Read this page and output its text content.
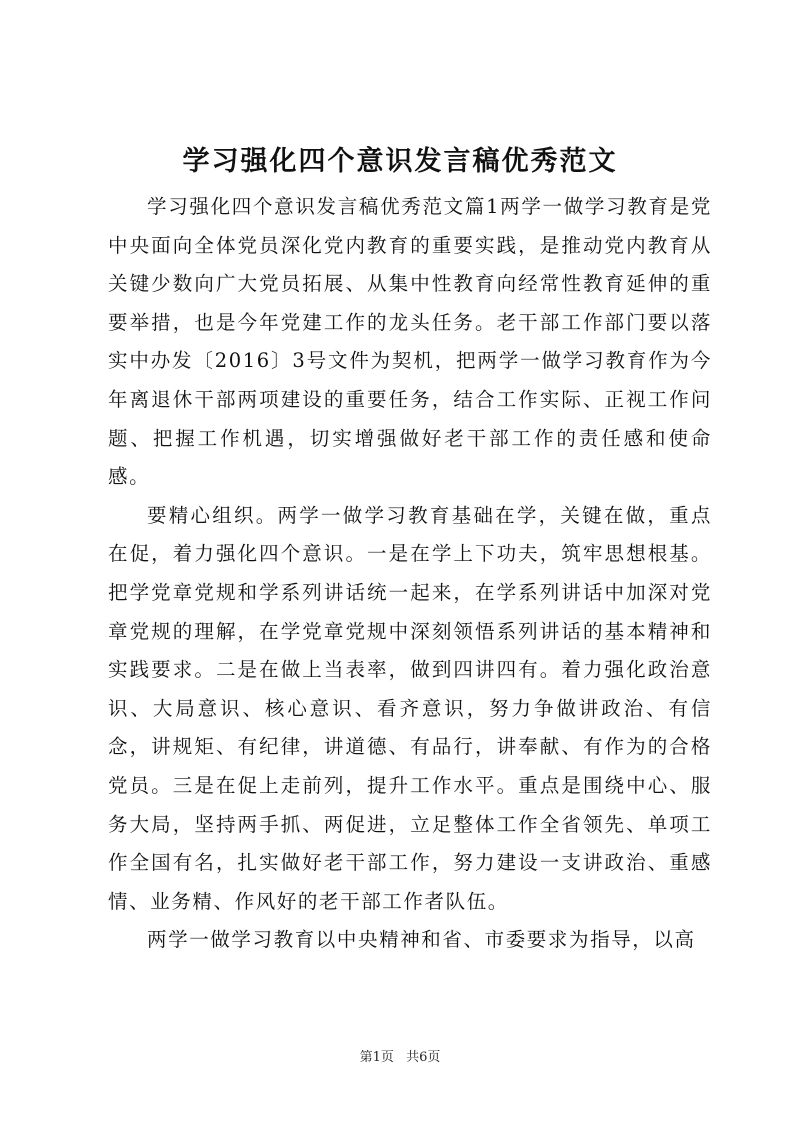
学习强化四个意识发言稿优秀范文

学习强化四个意识发言稿优秀范文篇1两学一做学习教育是党中央面向全体党员深化党内教育的重要实践，是推动党内教育从关键少数向广大党员拓展、从集中性教育向经常性教育延伸的重要举措，也是今年党建工作的龙头任务。老干部工作部门要以落实中办发〔2016〕3号文件为契机，把两学一做学习教育作为今年离退休干部两项建设的重要任务，结合工作实际、正视工作问题、把握工作机遇，切实增强做好老干部工作的责任感和使命感。

要精心组织。两学一做学习教育基础在学，关键在做，重点在促，着力强化四个意识。一是在学上下功夫，筑牢思想根基。把学党章党规和学系列讲话统一起来，在学系列讲话中加深对党章党规的理解，在学党章党规中深刻领悟系列讲话的基本精神和实践要求。二是在做上当表率，做到四讲四有。着力强化政治意识、大局意识、核心意识、看齐意识，努力争做讲政治、有信念，讲规矩、有纪律，讲道德、有品行，讲奉献、有作为的合格党员。三是在促上走前列，提升工作水平。重点是围绕中心、服务大局，坚持两手抓、两促进，立足整体工作全省领先、单项工作全国有名，扎实做好老干部工作，努力建设一支讲政治、重感情、业务精、作风好的老干部工作者队伍。

两学一做学习教育以中央精神和省、市委要求为指导，以高

第1页 共6页
